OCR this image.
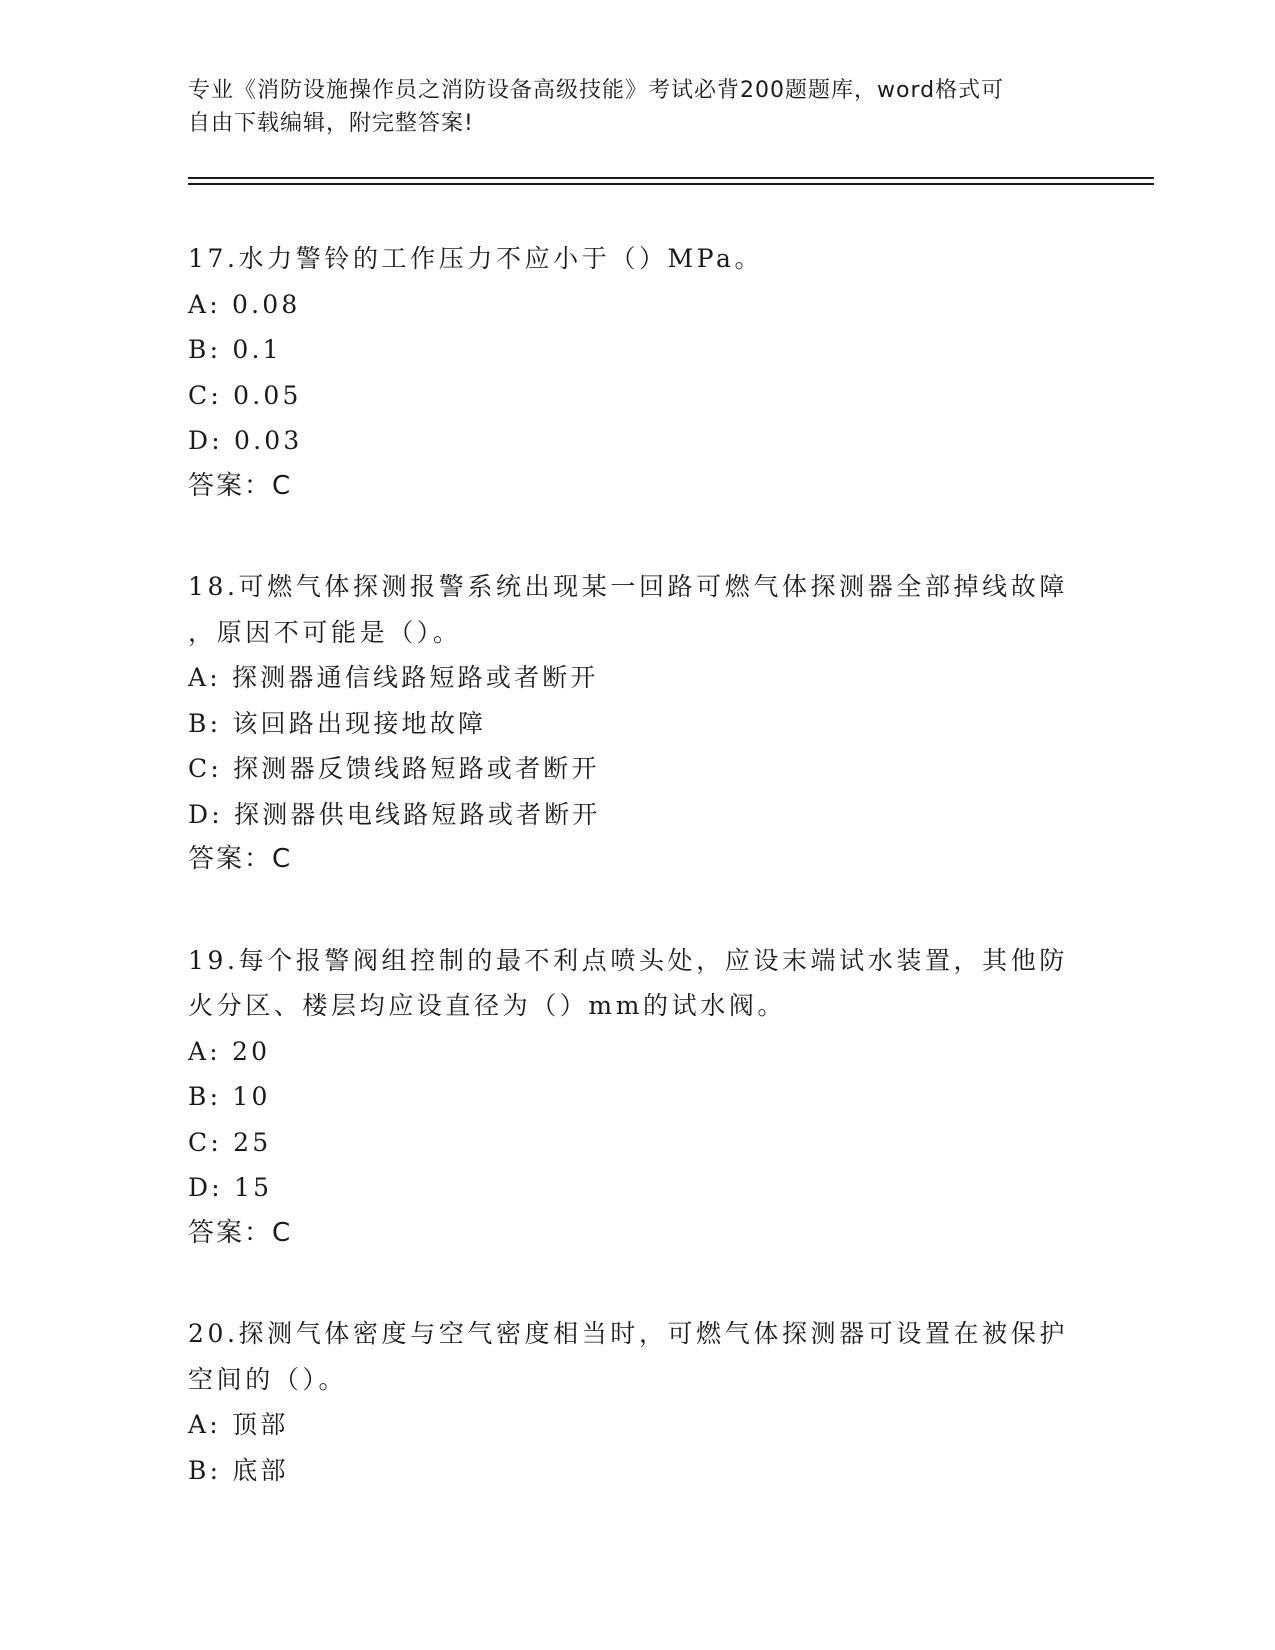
专业《消防设施操作员之消防设备高级技能》考试必背200题题库，word格式可
自由下载编辑，附完整答案!
17.水力警铃的工作压力不应小于（）MPa。
A: 0.08
B: 0.1
C: 0.05
D: 0.03
答案：C
18.可燃气体探测报警系统出现某一回路可燃气体探测器全部掉线故障
，原因不可能是（）。
A: 探测器通信线路短路或者断开
B: 该回路出现接地故障
C: 探测器反馈线路短路或者断开
D: 探测器供电线路短路或者断开
答案：C
19.每个报警阀组控制的最不利点喷头处，应设末端试水装置，其他防
火分区、楼层均应设直径为（）mm的试水阀。
A: 20
B: 10
C: 25
D: 15
答案：C
20.探测气体密度与空气密度相当时，可燃气体探测器可设置在被保护
空间的（）。
A: 顶部
B: 底部
